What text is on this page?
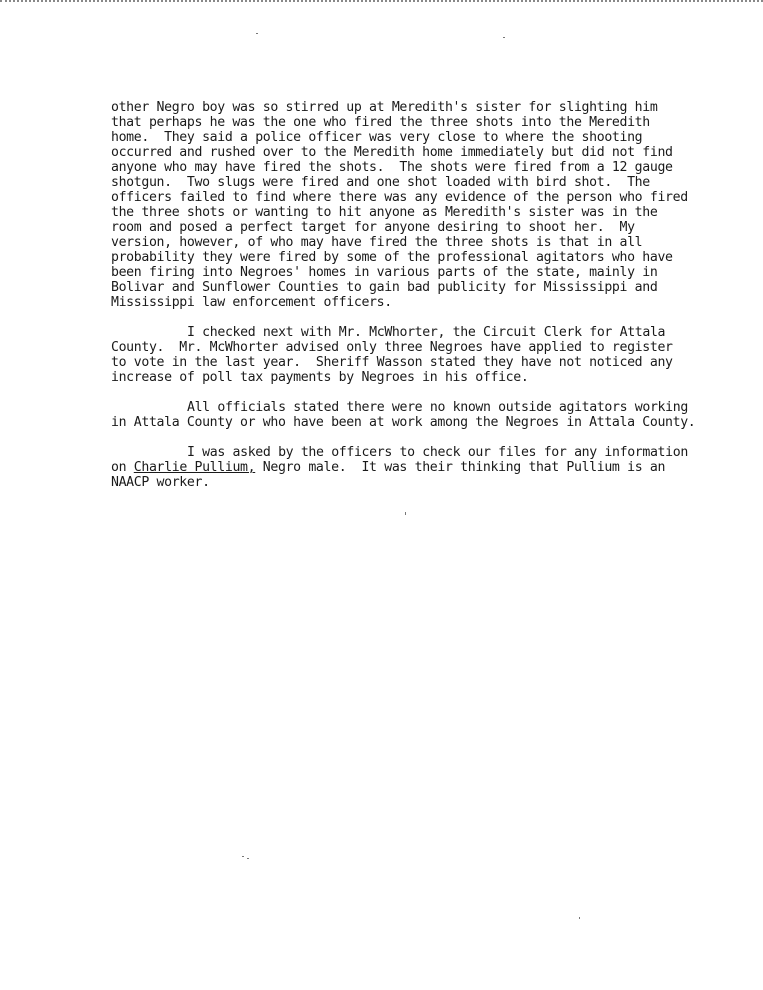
other Negro boy was so stirred up at Meredith's sister for slighting him
that perhaps he was the one who fired the three shots into the Meredith
home.  They said a police officer was very close to where the shooting
occurred and rushed over to the Meredith home immediately but did not find
anyone who may have fired the shots.  The shots were fired from a 12 gauge
shotgun.  Two slugs were fired and one shot loaded with bird shot.  The
officers failed to find where there was any evidence of the person who fired
the three shots or wanting to hit anyone as Meredith's sister was in the
room and posed a perfect target for anyone desiring to shoot her.  My
version, however, of who may have fired the three shots is that in all
probability they were fired by some of the professional agitators who have
been firing into Negroes' homes in various parts of the state, mainly in
Bolivar and Sunflower Counties to gain bad publicity for Mississippi and
Mississippi law enforcement officers.
I checked next with Mr. McWhorter, the Circuit Clerk for Attala
County.  Mr. McWhorter advised only three Negroes have applied to register
to vote in the last year.  Sheriff Wasson stated they have not noticed any
increase of poll tax payments by Negroes in his office.
All officials stated there were no known outside agitators working
in Attala County or who have been at work among the Negroes in Attala County.
I was asked by the officers to check our files for any information
on Charlie Pullium, Negro male.  It was their thinking that Pullium is an
NAACP worker.
